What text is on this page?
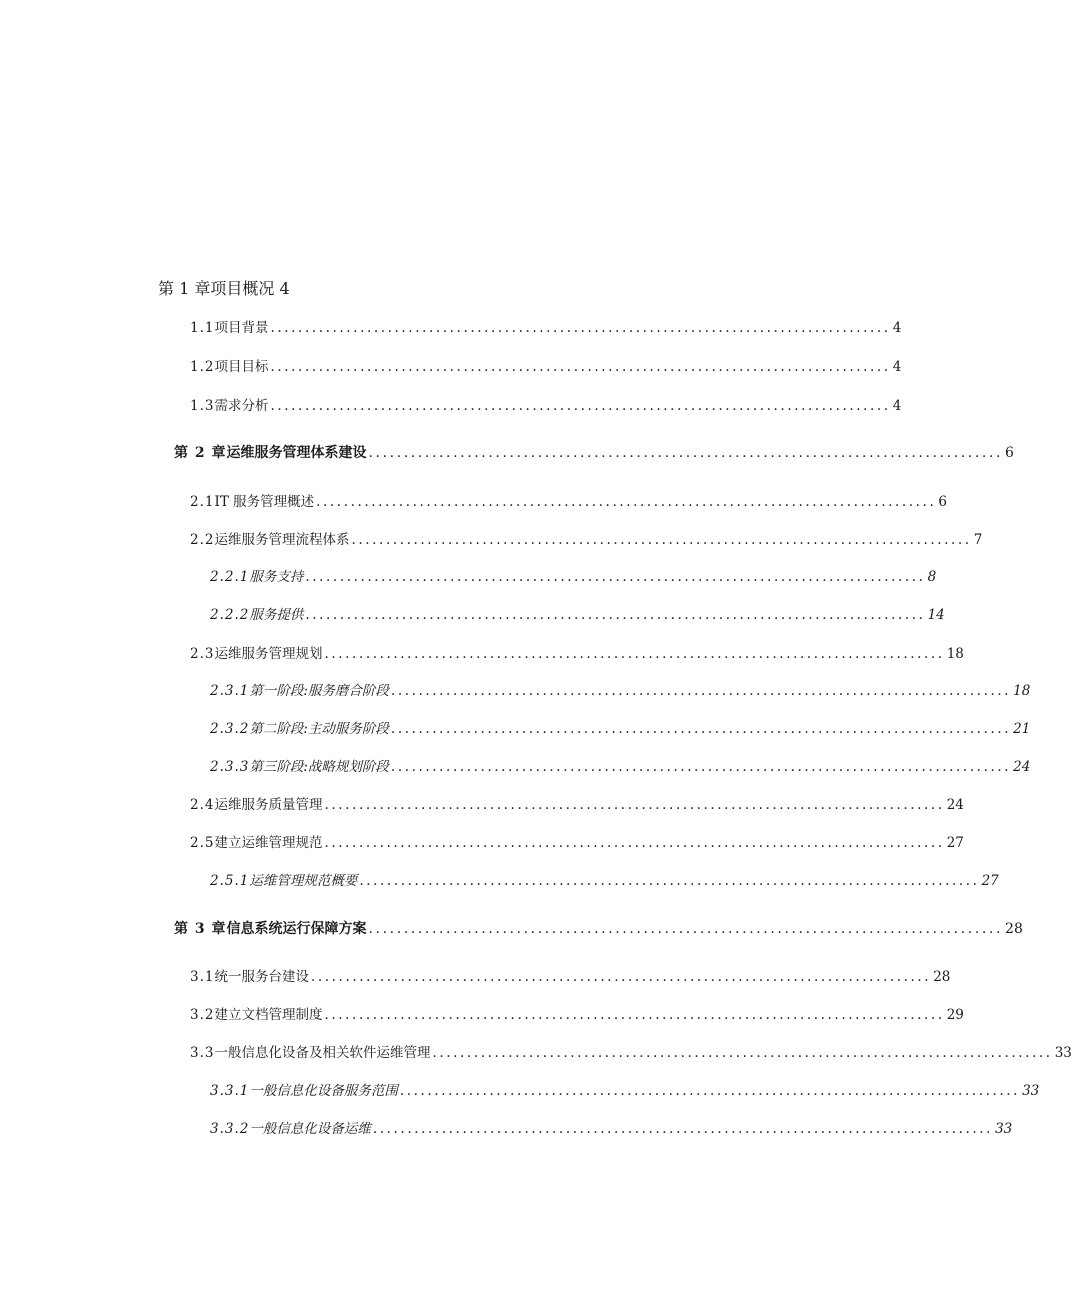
第 1 章项目概况 4
1.1 项目背景 .......................................................................................... 4
1.2 项目目标 .......................................................................................... 4
1.3 需求分析 .......................................................................................... 4
第 2 章 运维服务管理体系建设 .......................................................................................... 6
2.1 IT 服务管理概述 .......................................................................................... 6
2.2 运维服务管理流程体系 .......................................................................................... 7
2.2.1 服务支持 .......................................................................................... 8
2.2.2 服务提供 .......................................................................................... 14
2.3 运维服务管理规划 .......................................................................................... 18
2.3.1 第一阶段:服务磨合阶段 .......................................................................................... 18
2.3.2 第二阶段:主动服务阶段 .......................................................................................... 21
2.3.3 第三阶段:战略规划阶段 .......................................................................................... 24
2.4 运维服务质量管理 .......................................................................................... 24
2.5 建立运维管理规范 .......................................................................................... 27
2.5.1 运维管理规范概要 .......................................................................................... 27
第 3 章 信息系统运行保障方案 .......................................................................................... 28
3.1 统一服务台建设 .......................................................................................... 28
3.2 建立文档管理制度 .......................................................................................... 29
3.3 一般信息化设备及相关软件运维管理 .......................................................................................... 33
3.3.1 一般信息化设备服务范围 .......................................................................................... 33
3.3.2 一般信息化设备运维 .......................................................................................... 33
